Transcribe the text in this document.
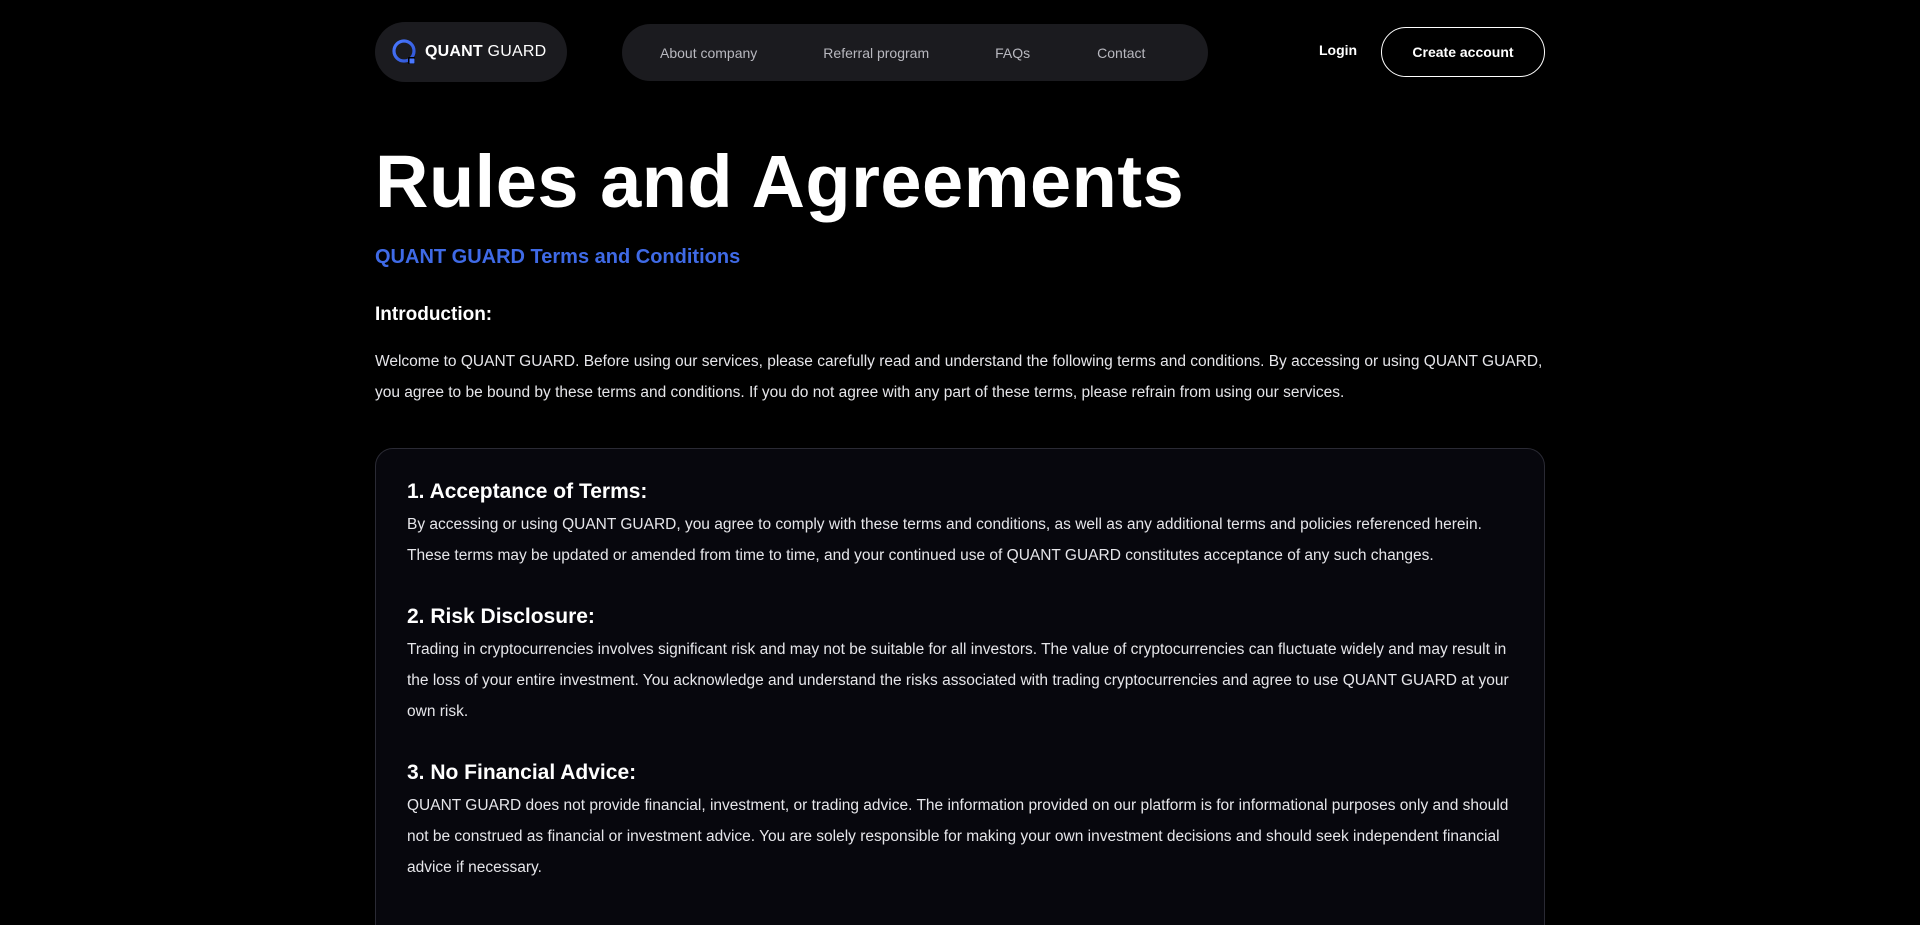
QUANT GUARD	About company	Referral program	FAQs	Contact	Login	Create account
Rules and Agreements
QUANT GUARD Terms and Conditions
Introduction:

Welcome to QUANT GUARD. Before using our services, please carefully read and understand the following terms and conditions. By accessing or using QUANT GUARD, you agree to be bound by these terms and conditions. If you do not agree with any part of these terms, please refrain from using our services.

1. Acceptance of Terms:

By accessing or using QUANT GUARD, you agree to comply with these terms and conditions, as well as any additional terms and policies referenced herein. These terms may be updated or amended from time to time, and your continued use of QUANT GUARD constitutes acceptance of any such changes.

2. Risk Disclosure:

Trading in cryptocurrencies involves significant risk and may not be suitable for all investors. The value of cryptocurrencies can fluctuate widely and may result in the loss of your entire investment. You acknowledge and understand the risks associated with trading cryptocurrencies and agree to use QUANT GUARD at your own risk.

3. No Financial Advice:

QUANT GUARD does not provide financial, investment, or trading advice. The information provided on our platform is for informational purposes only and should not be construed as financial or investment advice. You are solely responsible for making your own investment decisions and should seek independent financial advice if necessary.
